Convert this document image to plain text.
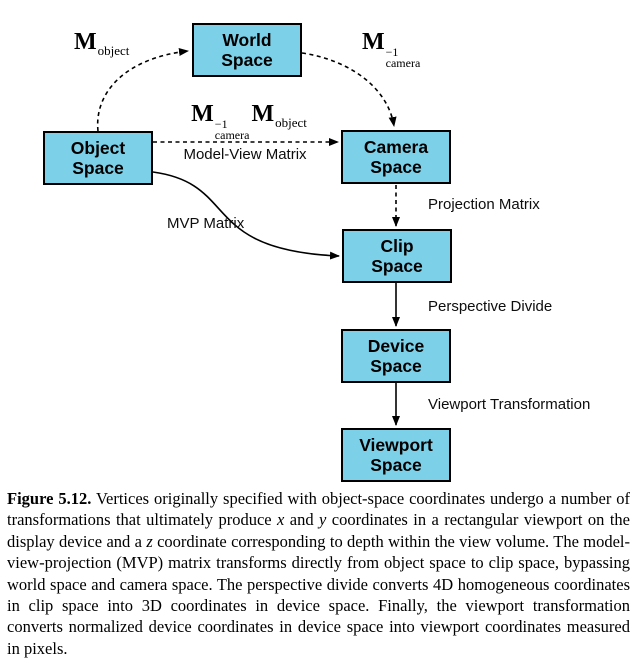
World
Space
Object
Space
Camera
Space
Clip
Space
Device
Space
Viewport
Space
$M_{object}$	M −1
camera
M −1
camera
$M_{object}$
Model-View Matrix
MVP Matrix
Projection Matrix
Perspective Divide
Viewport Transformation

Figure 5.12. Vertices originally specified with object-space coordinates undergo a number of transformations that ultimately produce x and y coordinates in a rectangular viewport on the display device and a z coordinate corresponding to depth within the view volume. The model-view-projection (MVP) matrix transforms directly from object space to clip space, bypassing world space and camera space. The perspective divide converts 4D homogeneous coordinates in clip space into 3D coordinates in device space. Finally, the viewport transformation converts normalized device coordinates in device space into viewport coordinates measured in pixels.
